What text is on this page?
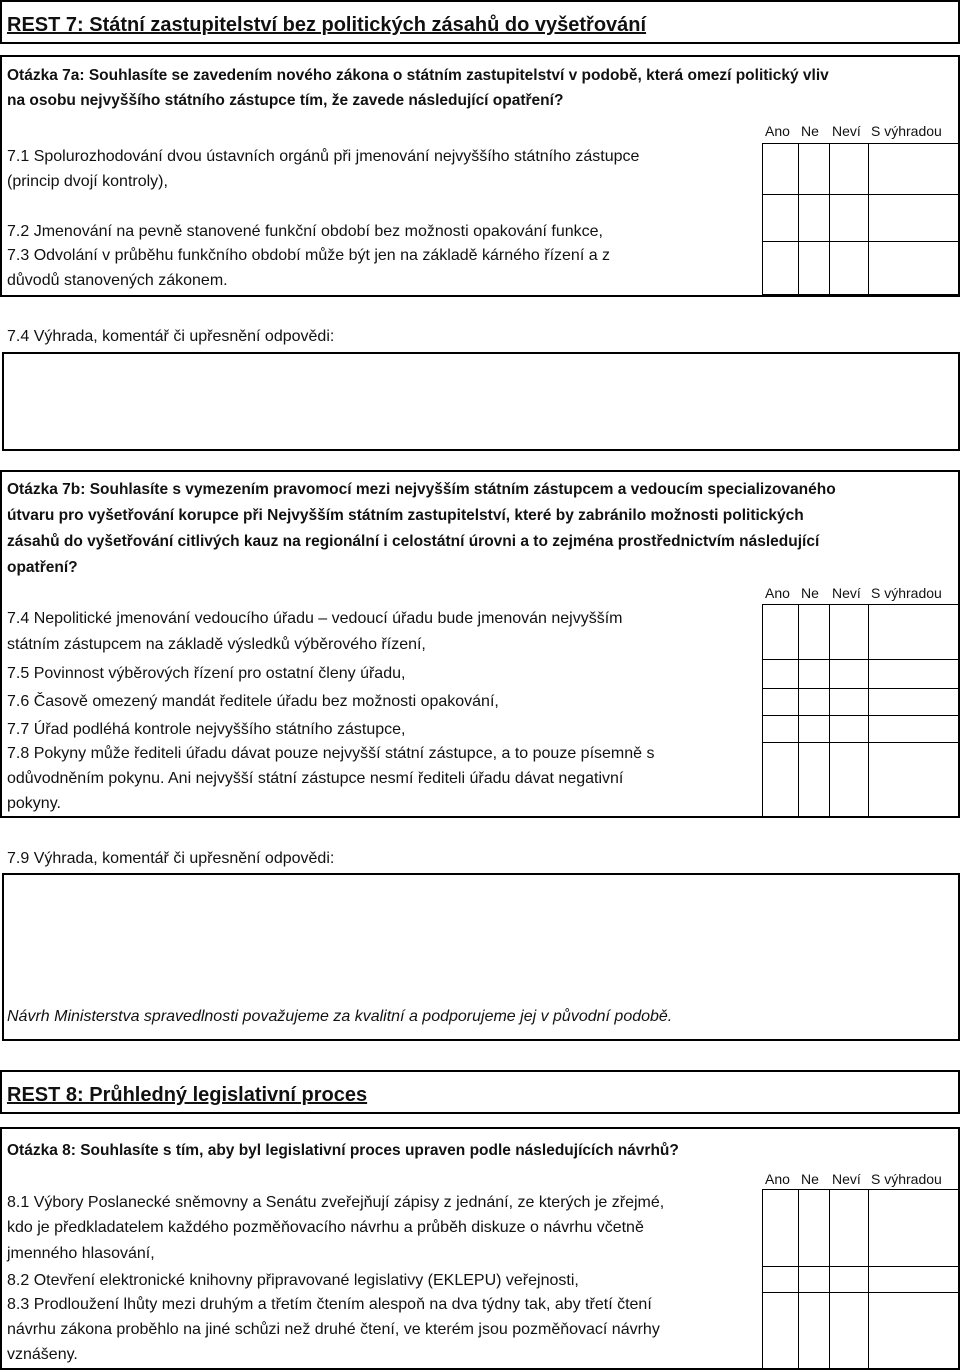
REST 7: Státní zastupitelství bez politických zásahů do vyšetřování
Otázka 7a: Souhlasíte se zavedením nového zákona o státním zastupitelství v podobě, která omezí politický vliv
na osobu nejvyššího státního zástupce tím, že zavede následující opatření?
Ano Ne Neví S výhradou
7.1 Spolurozhodování dvou ústavních orgánů při jmenování nejvyššího státního zástupce
(princip dvojí kontroly),
7.2 Jmenování na pevně stanovené funkční období bez možnosti opakování funkce,
7.3 Odvolání v průběhu funkčního období může být jen na základě kárného řízení a z
důvodů stanovených zákonem.

7.4 Výhrada, komentář či upřesnění odpovědi:
Otázka 7b: Souhlasíte s vymezením pravomocí mezi nejvyšším státním zástupcem a vedoucím specializovaného
útvaru pro vyšetřování korupce při Nejvyšším státním zastupitelství, které by zabránilo možnosti politických
zásahů do vyšetřování citlivých kauz na regionální i celostátní úrovni a to zejména prostřednictvím následující
opatření?
Ano Ne Neví S výhradou
7.4 Nepolitické jmenování vedoucího úřadu – vedoucí úřadu bude jmenován nejvyšším
státním zástupcem na základě výsledků výběrového řízení,
7.5 Povinnost výběrových řízení pro ostatní členy úřadu,
7.6 Časově omezený mandát ředitele úřadu bez možnosti opakování,
7.7 Úřad podléhá kontrole nejvyššího státního zástupce,
7.8 Pokyny může řediteli úřadu dávat pouze nejvyšší státní zástupce, a to pouze písemně s
odůvodněním pokynu. Ani nejvyšší státní zástupce nesmí řediteli úřadu dávat negativní
pokyny.

7.9 Výhrada, komentář či upřesnění odpovědi:
Návrh Ministerstva spravedlnosti považujeme za kvalitní a podporujeme jej v původní podobě.
REST 8: Průhledný legislativní proces
Otázka 8: Souhlasíte s tím, aby byl legislativní proces upraven podle následujících návrhů?
Ano Ne Neví S výhradou
8.1 Výbory Poslanecké sněmovny a Senátu zveřejňují zápisy z jednání, ze kterých je zřejmé,
kdo je předkladatelem každého pozměňovacího návrhu a průběh diskuze o návrhu včetně
jmenného hlasování,
8.2 Otevření elektronické knihovny připravované legislativy (EKLEPU) veřejnosti,
8.3 Prodloužení lhůty mezi druhým a třetím čtením alespoň na dva týdny tak, aby třetí čtení
návrhu zákona proběhlo na jiné schůzi než druhé čtení, ve kterém jsou pozměňovací návrhy
vznášeny.
